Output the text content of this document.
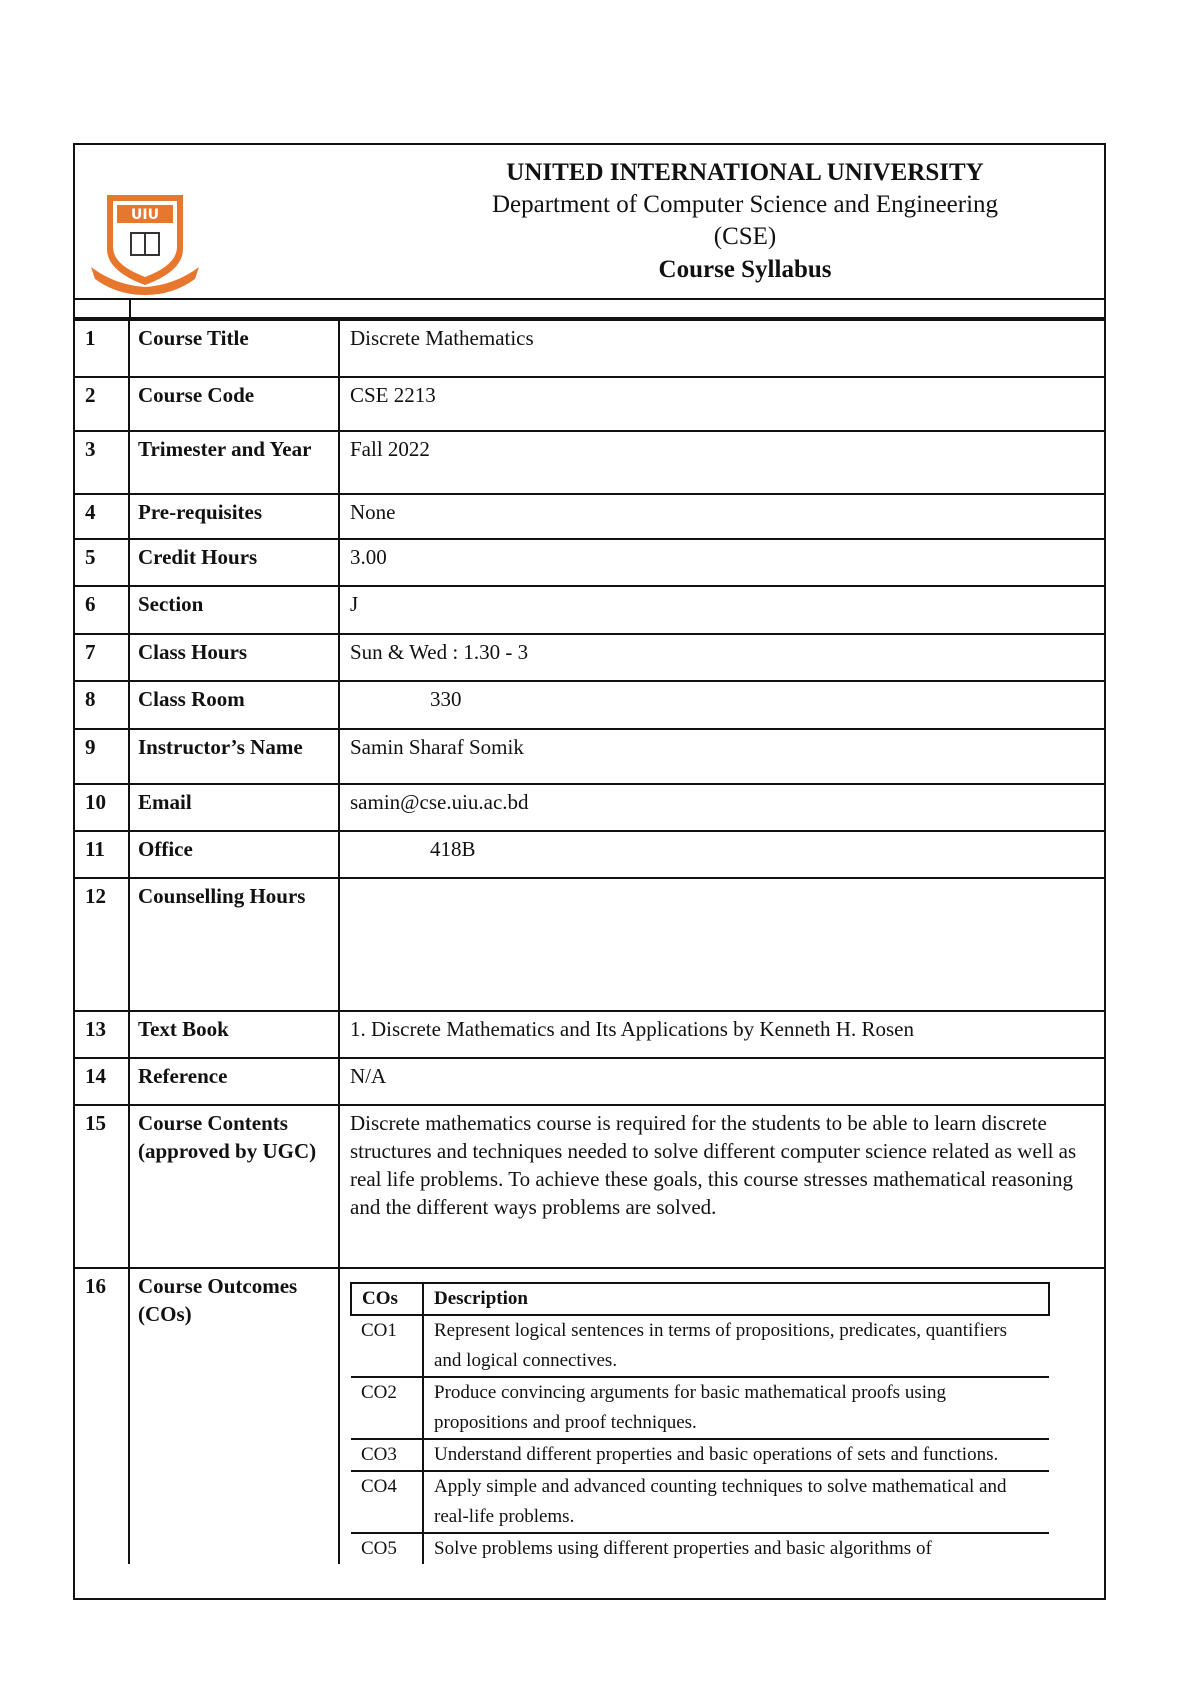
UIU
UNITED INTERNATIONAL UNIVERSITY
Department of Computer Science and Engineering
(CSE)
Course Syllabus
1	Course Title	Discrete Mathematics
2	Course Code	CSE 2213
3	Trimester and Year	Fall 2022
4	Pre-requisites	None
5	Credit Hours	3.00
6	Section	J
7	Class Hours	Sun & Wed : 1.30 - 3
8	Class Room	330
9	Instructor’s Name	Samin Sharaf Somik
10	Email	samin@cse.uiu.ac.bd
11	Office	418B
12	Counselling Hours	
13	Text Book	1. Discrete Mathematics and Its Applications by Kenneth H. Rosen
14	Reference	N/A
15	Course Contents (approved by UGC)	Discrete mathematics course is required for the students to be able to learn discrete structures and techniques needed to solve different computer science related as well as real life problems. To achieve these goals, this course stresses mathematical reasoning and the different ways problems are solved.
16	Course Outcomes (COs)	
COs	Description
CO1	Represent logical sentences in terms of propositions, predicates, quantifiers and logical connectives.
CO2	Produce convincing arguments for basic mathematical proofs using propositions and proof techniques.
CO3	Understand different properties and basic operations of sets and functions.
CO4	Apply simple and advanced counting techniques to solve mathematical and real-life problems.
CO5	Solve problems using different properties and basic algorithms of
